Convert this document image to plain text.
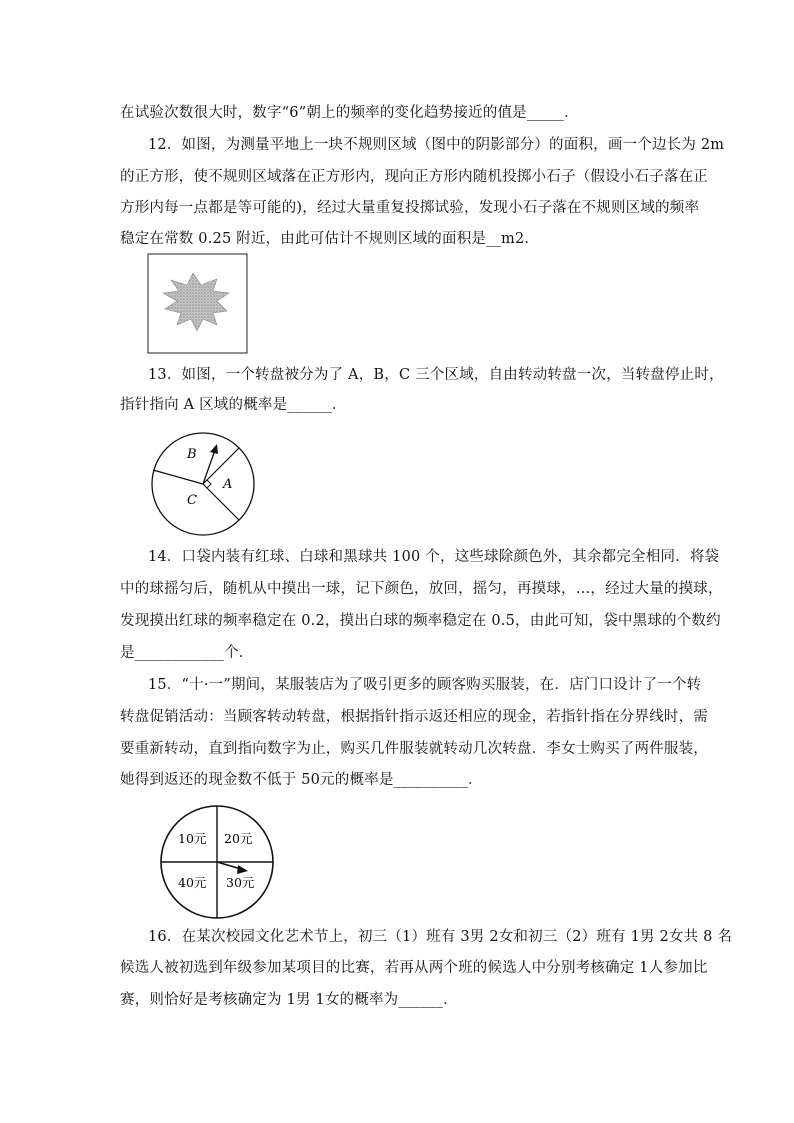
在试验次数很大时，数字“6”朝上的频率的变化趋势接近的值是_____．
12．如图，为测量平地上一块不规则区域（图中的阴影部分）的面积，画一个边长为 2m
的正方形，使不规则区域落在正方形内，现向正方形内随机投掷小石子（假设小石子落在正
方形内每一点都是等可能的)，经过大量重复投掷试验，发现小石子落在不规则区域的频率
稳定在常数 0.25 附近，由此可估计不规则区域的面积是__m2.
13．如图，一个转盘被分为了 A，B，C 三个区域，自由转动转盘一次，当转盘停止时，
指针指向 A 区域的概率是______．
B
A
C
14．口袋内装有红球、白球和黑球共 100 个，这些球除颜色外，其余都完全相同．将袋
中的球摇匀后，随机从中摸出一球，记下颜色，放回，摇匀，再摸球，…，经过大量的摸球，
发现摸出红球的频率稳定在 0.2，摸出白球的频率稳定在 0.5，由此可知，袋中黑球的个数约
是____________个．
15．“十·一”期间，某服装店为了吸引更多的顾客购买服装，在．店门口设计了一个转
转盘促销活动：当顾客转动转盘，根据指针指示返还相应的现金，若指针指在分界线时，需
要重新转动，直到指向数字为止，购买几件服装就转动几次转盘．李女士购买了两件服装，
她得到返还的现金数不低于 50元的概率是__________．
10元 20元
40元 30元
16．在某次校园文化艺术节上，初三（1）班有 3男 2女和初三（2）班有 1男 2女共 8 名
候选人被初选到年级参加某项目的比赛，若再从两个班的候选人中分别考核确定 1人参加比
赛，则恰好是考核确定为 1男 1女的概率为______．
